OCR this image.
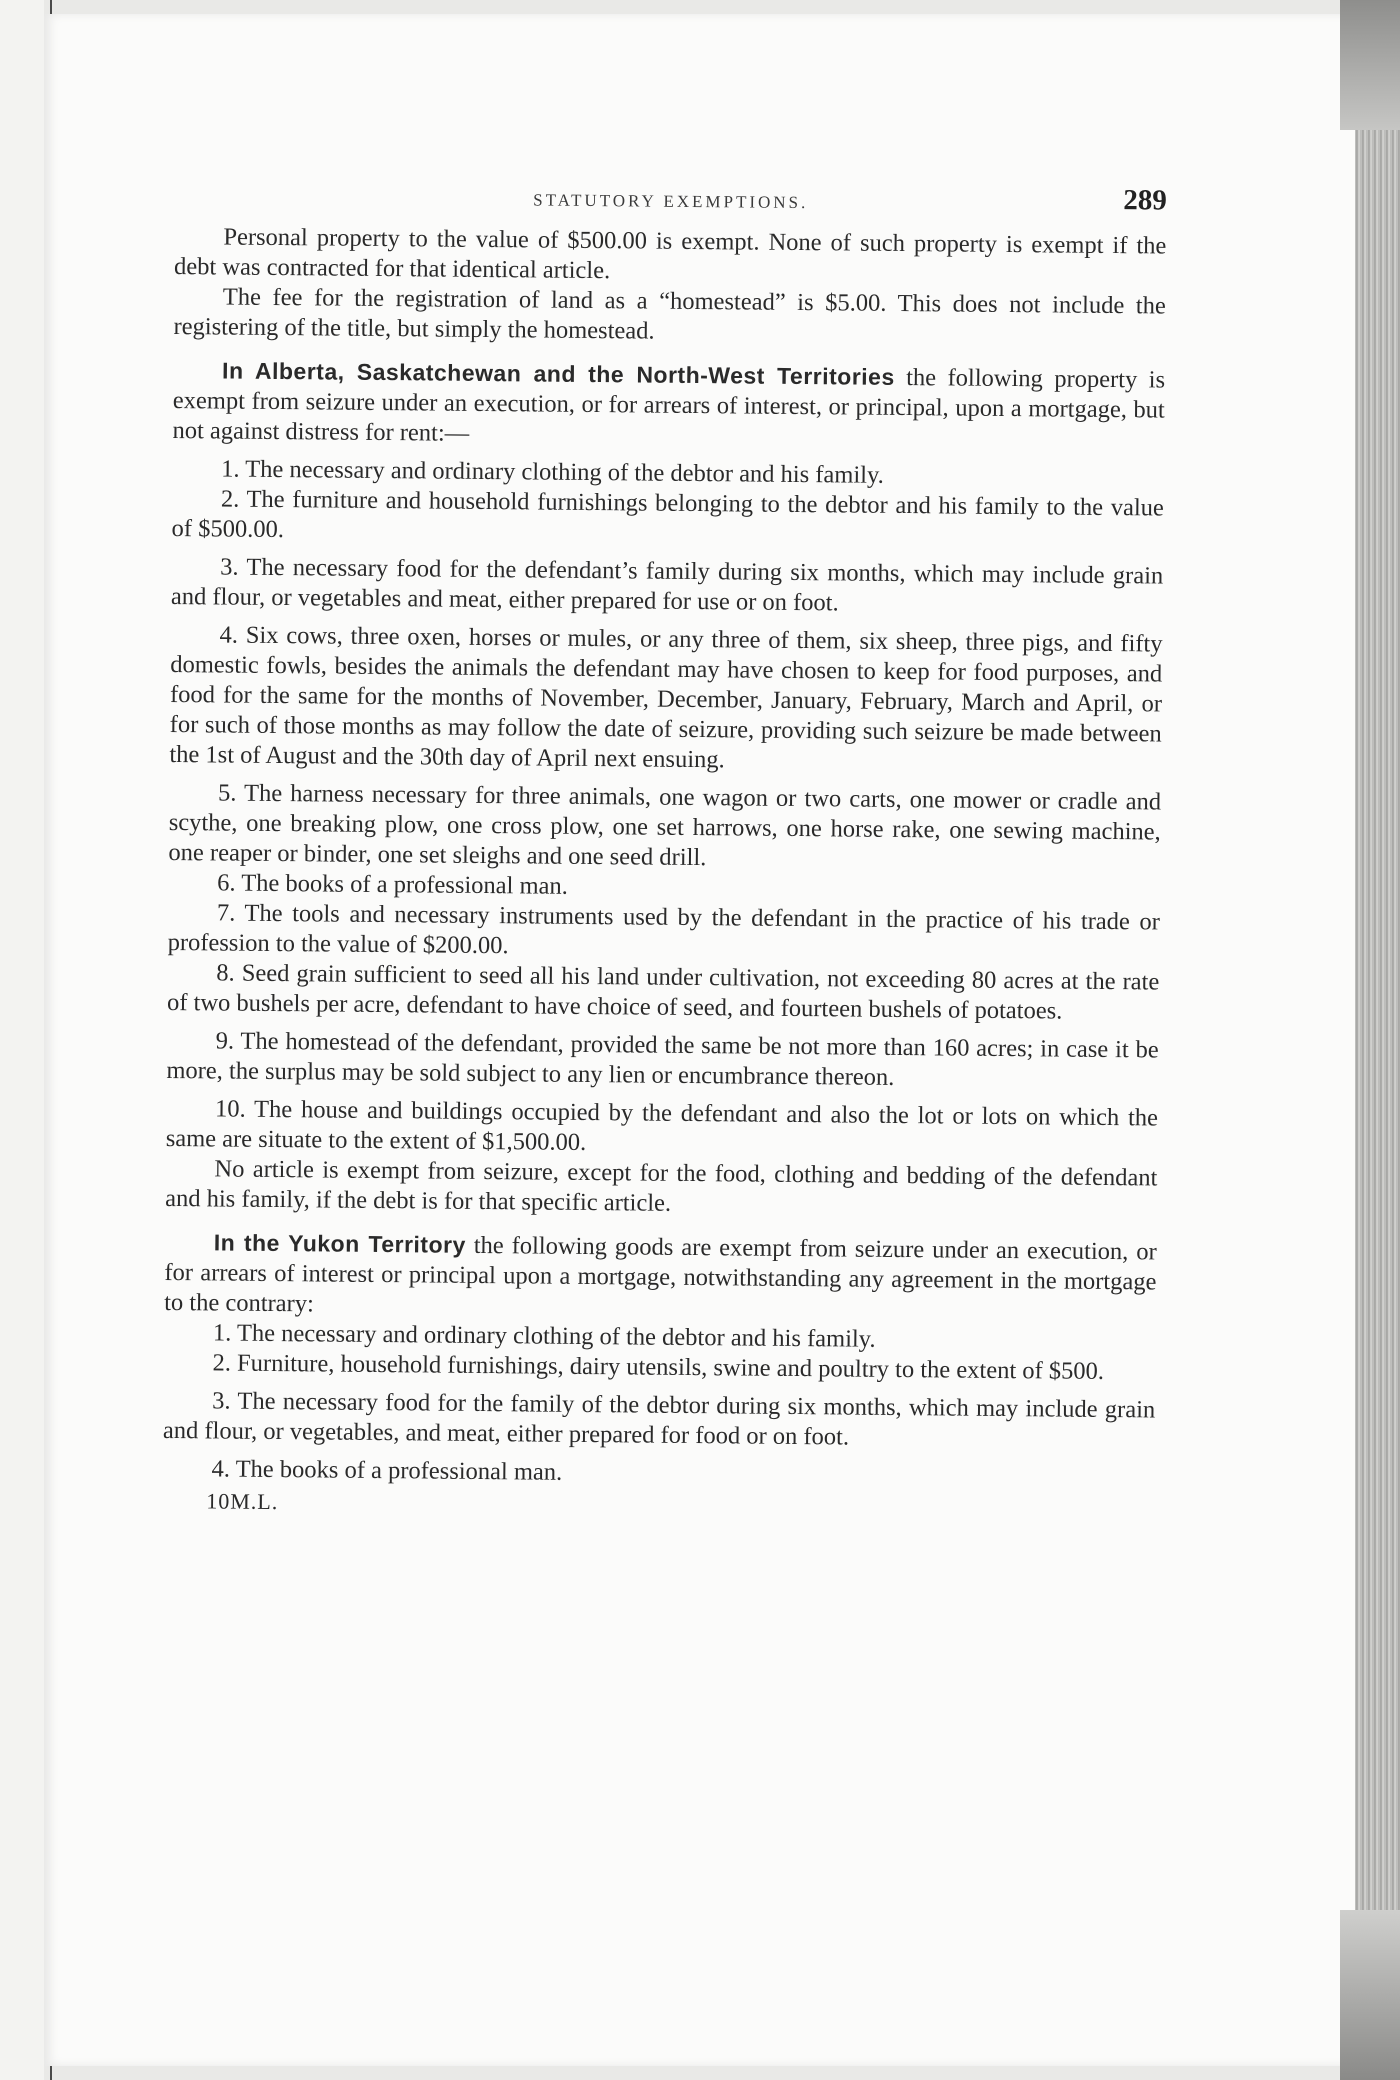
STATUTORY EXEMPTIONS.	289

Personal property to the value of $500.00 is exempt. None of such property is exempt if the debt was contracted for that identical article.

The fee for the registration of land as a “homestead” is $5.00. This does not include the registering of the title, but simply the homestead.

In Alberta, Saskatchewan and the North-West Territories the following property is exempt from seizure under an execution, or for arrears of interest, or principal, upon a mortgage, but not against distress for rent:—

1. The necessary and ordinary clothing of the debtor and his family.

2. The furniture and household furnishings belonging to the debtor and his family to the value of $500.00.

3. The necessary food for the defendant’s family during six months, which may include grain and flour, or vegetables and meat, either prepared for use or on foot.

4. Six cows, three oxen, horses or mules, or any three of them, six sheep, three pigs, and fifty domestic fowls, besides the animals the defendant may have chosen to keep for food purposes, and food for the same for the months of November, December, January, February, March and April, or for such of those months as may follow the date of seizure, providing such seizure be made between the 1st of August and the 30th day of April next ensuing.

5. The harness necessary for three animals, one wagon or two carts, one mower or cradle and scythe, one breaking plow, one cross plow, one set harrows, one horse rake, one sewing machine, one reaper or binder, one set sleighs and one seed drill.

6. The books of a professional man.

7. The tools and necessary instruments used by the defendant in the practice of his trade or profession to the value of $200.00.

8. Seed grain sufficient to seed all his land under cultivation, not exceeding 80 acres at the rate of two bushels per acre, defendant to have choice of seed, and fourteen bushels of potatoes.

9. The homestead of the defendant, provided the same be not more than 160 acres; in case it be more, the surplus may be sold subject to any lien or encumbrance thereon.

10. The house and buildings occupied by the defendant and also the lot or lots on which the same are situate to the extent of $1,500.00.

No article is exempt from seizure, except for the food, clothing and bedding of the defendant and his family, if the debt is for that specific article.

In the Yukon Territory the following goods are exempt from seizure under an execution, or for arrears of interest or principal upon a mortgage, notwithstanding any agreement in the mortgage to the contrary:

1. The necessary and ordinary clothing of the debtor and his family.

2. Furniture, household furnishings, dairy utensils, swine and poultry to the extent of $500.

3. The necessary food for the family of the debtor during six months, which may include grain and flour, or vegetables, and meat, either prepared for food or on foot.

4. The books of a professional man.

10M.L.
